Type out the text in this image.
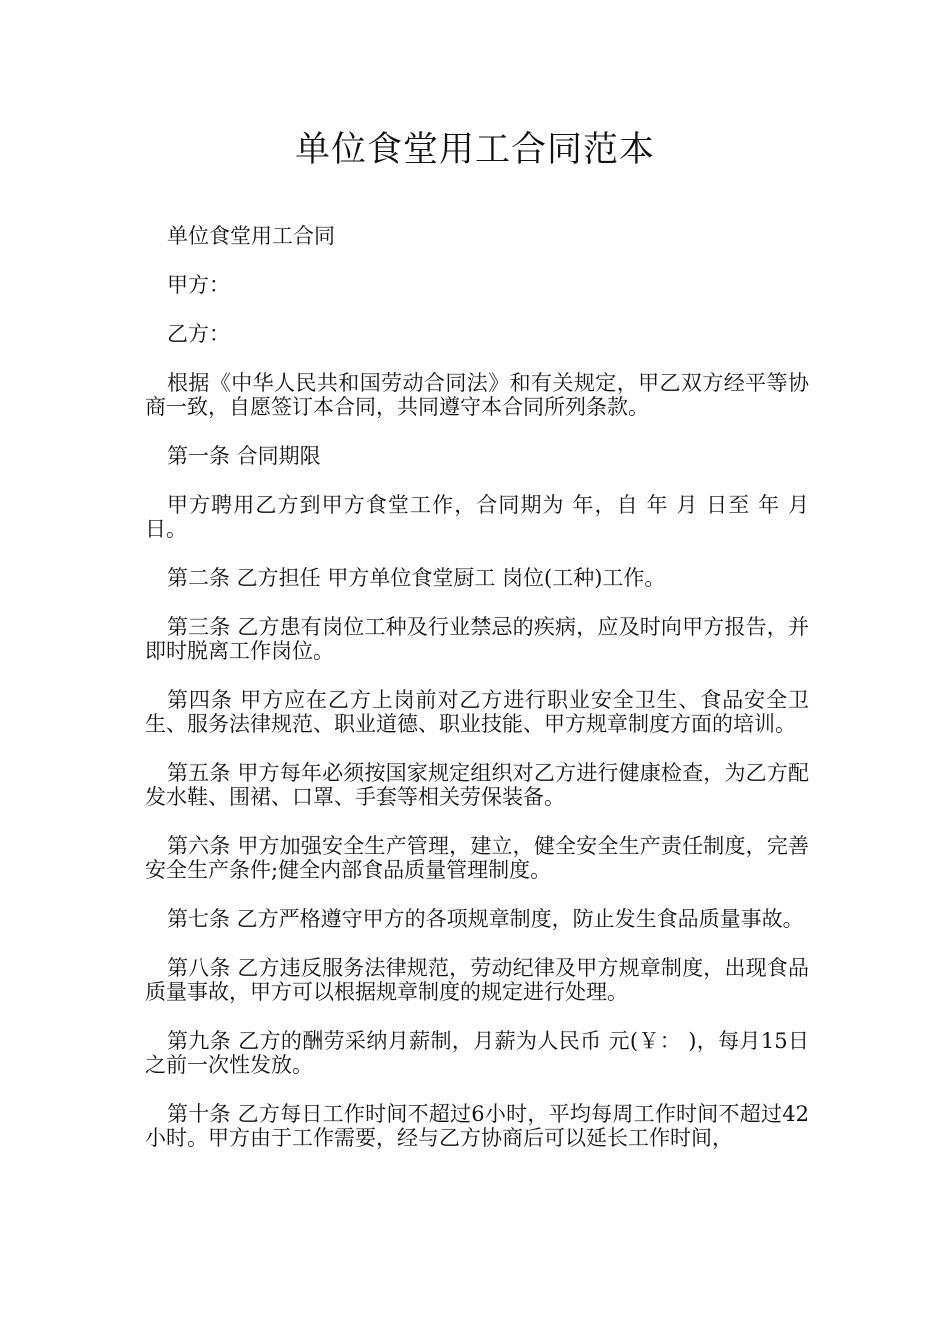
单位食堂用工合同范本

单位食堂用工合同

甲方：

乙方：

根据《中华人民共和国劳动合同法》和有关规定，甲乙双方经平等协商一致，自愿签订本合同，共同遵守本合同所列条款。

第一条 合同期限

甲方聘用乙方到甲方食堂工作，合同期为 年，自 年 月 日至 年 月 日。

第二条 乙方担任 甲方单位食堂厨工 岗位(工种)工作。

第三条 乙方患有岗位工种及行业禁忌的疾病，应及时向甲方报告，并即时脱离工作岗位。

第四条 甲方应在乙方上岗前对乙方进行职业安全卫生、食品安全卫生、服务法律规范、职业道德、职业技能、甲方规章制度方面的培训。

第五条 甲方每年必须按国家规定组织对乙方进行健康检查，为乙方配发水鞋、围裙、口罩、手套等相关劳保装备。

第六条 甲方加强安全生产管理，建立，健全安全生产责任制度，完善安全生产条件;健全内部食品质量管理制度。

第七条 乙方严格遵守甲方的各项规章制度，防止发生食品质量事故。

第八条 乙方违反服务法律规范，劳动纪律及甲方规章制度，出现食品质量事故，甲方可以根据规章制度的规定进行处理。

第九条 乙方的酬劳采纳月薪制，月薪为人民币 元(￥： )，每月15日之前一次性发放。

第十条 乙方每日工作时间不超过6小时，平均每周工作时间不超过42小时。甲方由于工作需要，经与乙方协商后可以延长工作时间，
